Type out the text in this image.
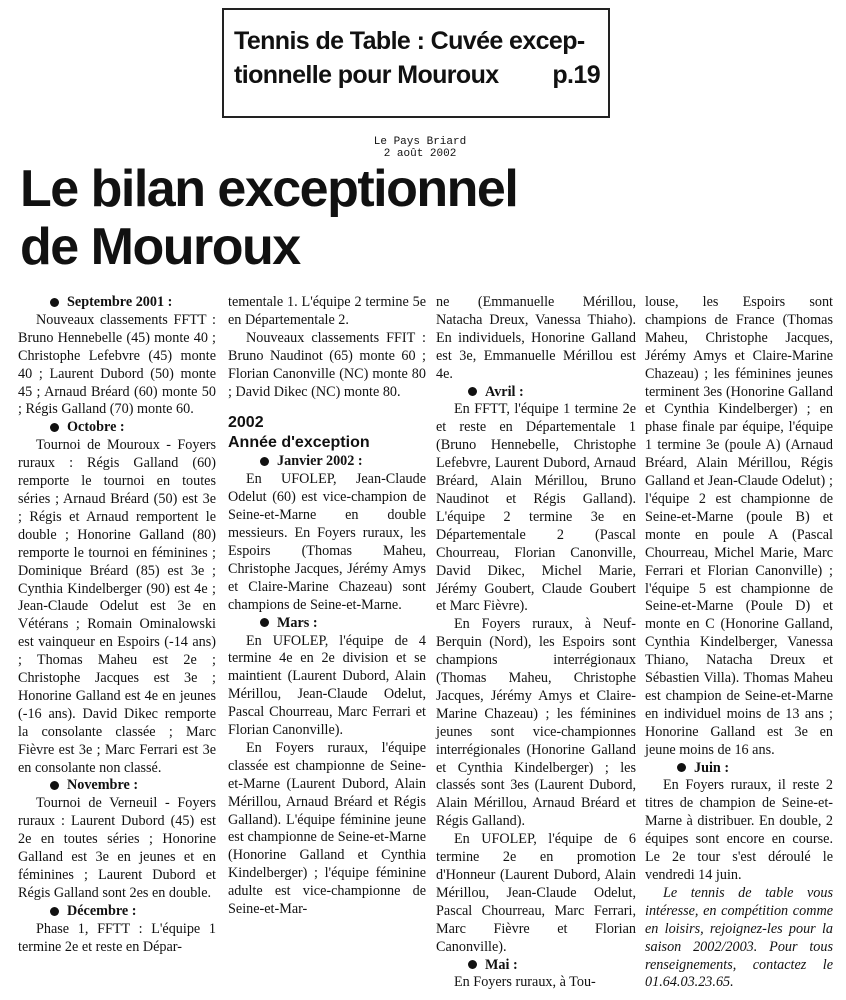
Tennis de Table : Cuvée excep-
tionnelle pour Mouroux p.19
Le Pays Briard
2 août 2002
Le bilan exceptionnel
de Mouroux

Septembre 2001 :

Nouveaux classements FFTT : Bruno Hennebelle (45) monte 40 ; Christophe Lefebvre (45) monte 40 ; Laurent Dubord (50) monte 45 ; Arnaud Bréard (60) monte 50 ; Régis Galland (70) monte 60.

Octobre :

Tournoi de Mouroux - Foyers ruraux : Régis Galland (60) remporte le tournoi en toutes séries ; Arnaud Bréard (50) est 3e ; Régis et Arnaud remportent le double ; Honorine Galland (80) remporte le tournoi en féminines ; Dominique Bréard (85) est 3e ; Cynthia Kindelberger (90) est 4e ; Jean-Claude Odelut est 3e en Vétérans ; Romain Ominalowski est vainqueur en Espoirs (-14 ans) ; Thomas Maheu est 2e ; Christophe Jacques est 3e ; Honorine Galland est 4e en jeunes (-16 ans). David Dikec remporte la consolante classée ; Marc Fièvre est 3e ; Marc Ferrari est 3e en consolante non classé.

Novembre :

Tournoi de Verneuil - Foyers ruraux : Laurent Dubord (45) est 2e en toutes séries ; Honorine Galland est 3e en jeunes et en féminines ; Laurent Dubord et Régis Galland sont 2es en double.

Décembre :

Phase 1, FFTT : L'équipe 1 termine 2e et reste en Dépar-

tementale 1. L'équipe 2 termine 5e en Départementale 2.

Nouveaux classements FFIT : Bruno Naudinot (65) monte 60 ; Florian Canonville (NC) monte 80 ; David Dikec (NC) monte 80.

2002
Année d'exception

Janvier 2002 :

En UFOLEP, Jean-Claude Odelut (60) est vice-champion de Seine-et-Marne en double messieurs. En Foyers ruraux, les Espoirs (Thomas Maheu, Christophe Jacques, Jérémy Amys et Claire-Marine Chazeau) sont champions de Seine-et-Marne.

Mars :

En UFOLEP, l'équipe de 4 termine 4e en 2e division et se maintient (Laurent Dubord, Alain Mérillou, Jean-Claude Odelut, Pascal Chourreau, Marc Ferrari et Florian Canonville).

En Foyers ruraux, l'équipe classée est championne de Seine-et-Marne (Laurent Dubord, Alain Mérillou, Arnaud Bréard et Régis Galland). L'équipe féminine jeune est championne de Seine-et-Marne (Honorine Galland et Cynthia Kindelberger) ; l'équipe féminine adulte est vice-championne de Seine-et-Mar-

ne (Emmanuelle Mérillou, Natacha Dreux, Vanessa Thiaho). En individuels, Honorine Galland est 3e, Emmanuelle Mérillou est 4e.

Avril :

En FFTT, l'équipe 1 termine 2e et reste en Départementale 1 (Bruno Hennebelle, Christophe Lefebvre, Laurent Dubord, Arnaud Bréard, Alain Mérillou, Bruno Naudinot et Régis Galland). L'équipe 2 termine 3e en Départementale 2 (Pascal Chourreau, Florian Canonville, David Dikec, Michel Marie, Jérémy Goubert, Claude Goubert et Marc Fièvre).

En Foyers ruraux, à Neuf-Berquin (Nord), les Espoirs sont champions interrégionaux (Thomas Maheu, Christophe Jacques, Jérémy Amys et Claire-Marine Chazeau) ; les féminines jeunes sont vice-championnes interrégionales (Honorine Galland et Cynthia Kindelberger) ; les classés sont 3es (Laurent Dubord, Alain Mérillou, Arnaud Bréard et Régis Galland).

En UFOLEP, l'équipe de 6 termine 2e en promotion d'Honneur (Laurent Dubord, Alain Mérillou, Jean-Claude Odelut, Pascal Chourreau, Marc Ferrari, Marc Fièvre et Florian Canonville).

Mai :

En Foyers ruraux, à Tou-

louse, les Espoirs sont champions de France (Thomas Maheu, Christophe Jacques, Jérémy Amys et Claire-Marine Chazeau) ; les féminines jeunes terminent 3es (Honorine Galland et Cynthia Kindelberger) ; en phase finale par équipe, l'équipe 1 termine 3e (poule A) (Arnaud Bréard, Alain Mérillou, Régis Galland et Jean-Claude Odelut) ; l'équipe 2 est championne de Seine-et-Marne (poule B) et monte en poule A (Pascal Chourreau, Michel Marie, Marc Ferrari et Florian Canonville) ; l'équipe 5 est championne de Seine-et-Marne (Poule D) et monte en C (Honorine Galland, Cynthia Kindelberger, Vanessa Thiano, Natacha Dreux et Sébastien Villa). Thomas Maheu est champion de Seine-et-Marne en individuel moins de 13 ans ; Honorine Galland est 3e en jeune moins de 16 ans.

Juin :

En Foyers ruraux, il reste 2 titres de champion de Seine-et-Marne à distribuer. En double, 2 équipes sont encore en course. Le 2e tour s'est déroulé le vendredi 14 juin.

Le tennis de table vous intéresse, en compétition comme en loisirs, rejoignez-les pour la saison 2002/2003. Pour tous renseignements, contactez le 01.64.03.23.65.
